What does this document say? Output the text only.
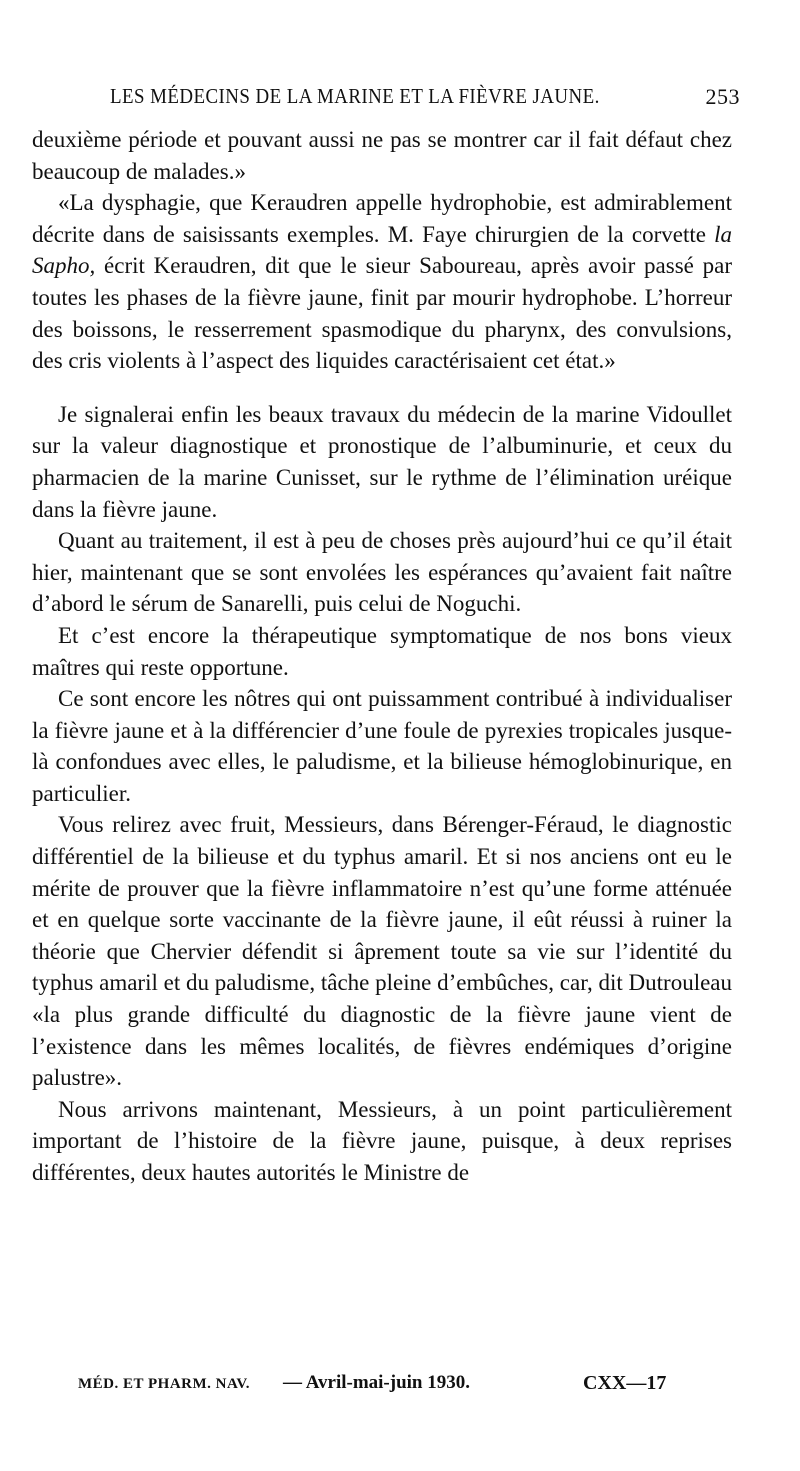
LES MÉDECINS DE LA MARINE ET LA FIÈVRE JAUNE.	253

deuxième période et pouvant aussi ne pas se montrer car il fait défaut chez beaucoup de malades.»

«La dysphagie, que Keraudren appelle hydrophobie, est admirablement décrite dans de saisissants exemples. M. Faye chirurgien de la corvette la Sapho, écrit Keraudren, dit que le sieur Saboureau, après avoir passé par toutes les phases de la fièvre jaune, finit par mourir hydrophobe. L’horreur des boissons, le resserrement spasmodique du pharynx, des convulsions, des cris violents à l’aspect des liquides caractérisaient cet état.»

Je signalerai enfin les beaux travaux du médecin de la marine Vidoullet sur la valeur diagnostique et pronostique de l’albuminurie, et ceux du pharmacien de la marine Cunisset, sur le rythme de l’élimination uréique dans la fièvre jaune.

Quant au traitement, il est à peu de choses près aujourd’hui ce qu’il était hier, maintenant que se sont envolées les espérances qu’avaient fait naître d’abord le sérum de Sanarelli, puis celui de Noguchi.

Et c’est encore la thérapeutique symptomatique de nos bons vieux maîtres qui reste opportune.

Ce sont encore les nôtres qui ont puissamment contribué à individualiser la fièvre jaune et à la différencier d’une foule de pyrexies tropicales jusque-là confondues avec elles, le paludisme, et la bilieuse hémoglobinurique, en particulier.

Vous relirez avec fruit, Messieurs, dans Bérenger-Féraud, le diagnostic différentiel de la bilieuse et du typhus amaril. Et si nos anciens ont eu le mérite de prouver que la fièvre inflammatoire n’est qu’une forme atténuée et en quelque sorte vaccinante de la fièvre jaune, il eût réussi à ruiner la théorie que Chervier défendit si âprement toute sa vie sur l’identité du typhus amaril et du paludisme, tâche pleine d’embûches, car, dit Dutrouleau «la plus grande difficulté du diagnostic de la fièvre jaune vient de l’existence dans les mêmes localités, de fièvres endémiques d’origine palustre».

Nous arrivons maintenant, Messieurs, à un point particulièrement important de l’histoire de la fièvre jaune, puisque, à deux reprises différentes, deux hautes autorités le Ministre de

MÉD. ET PHARM. NAV. — Avril-mai-juin 1930.	CXX—17
